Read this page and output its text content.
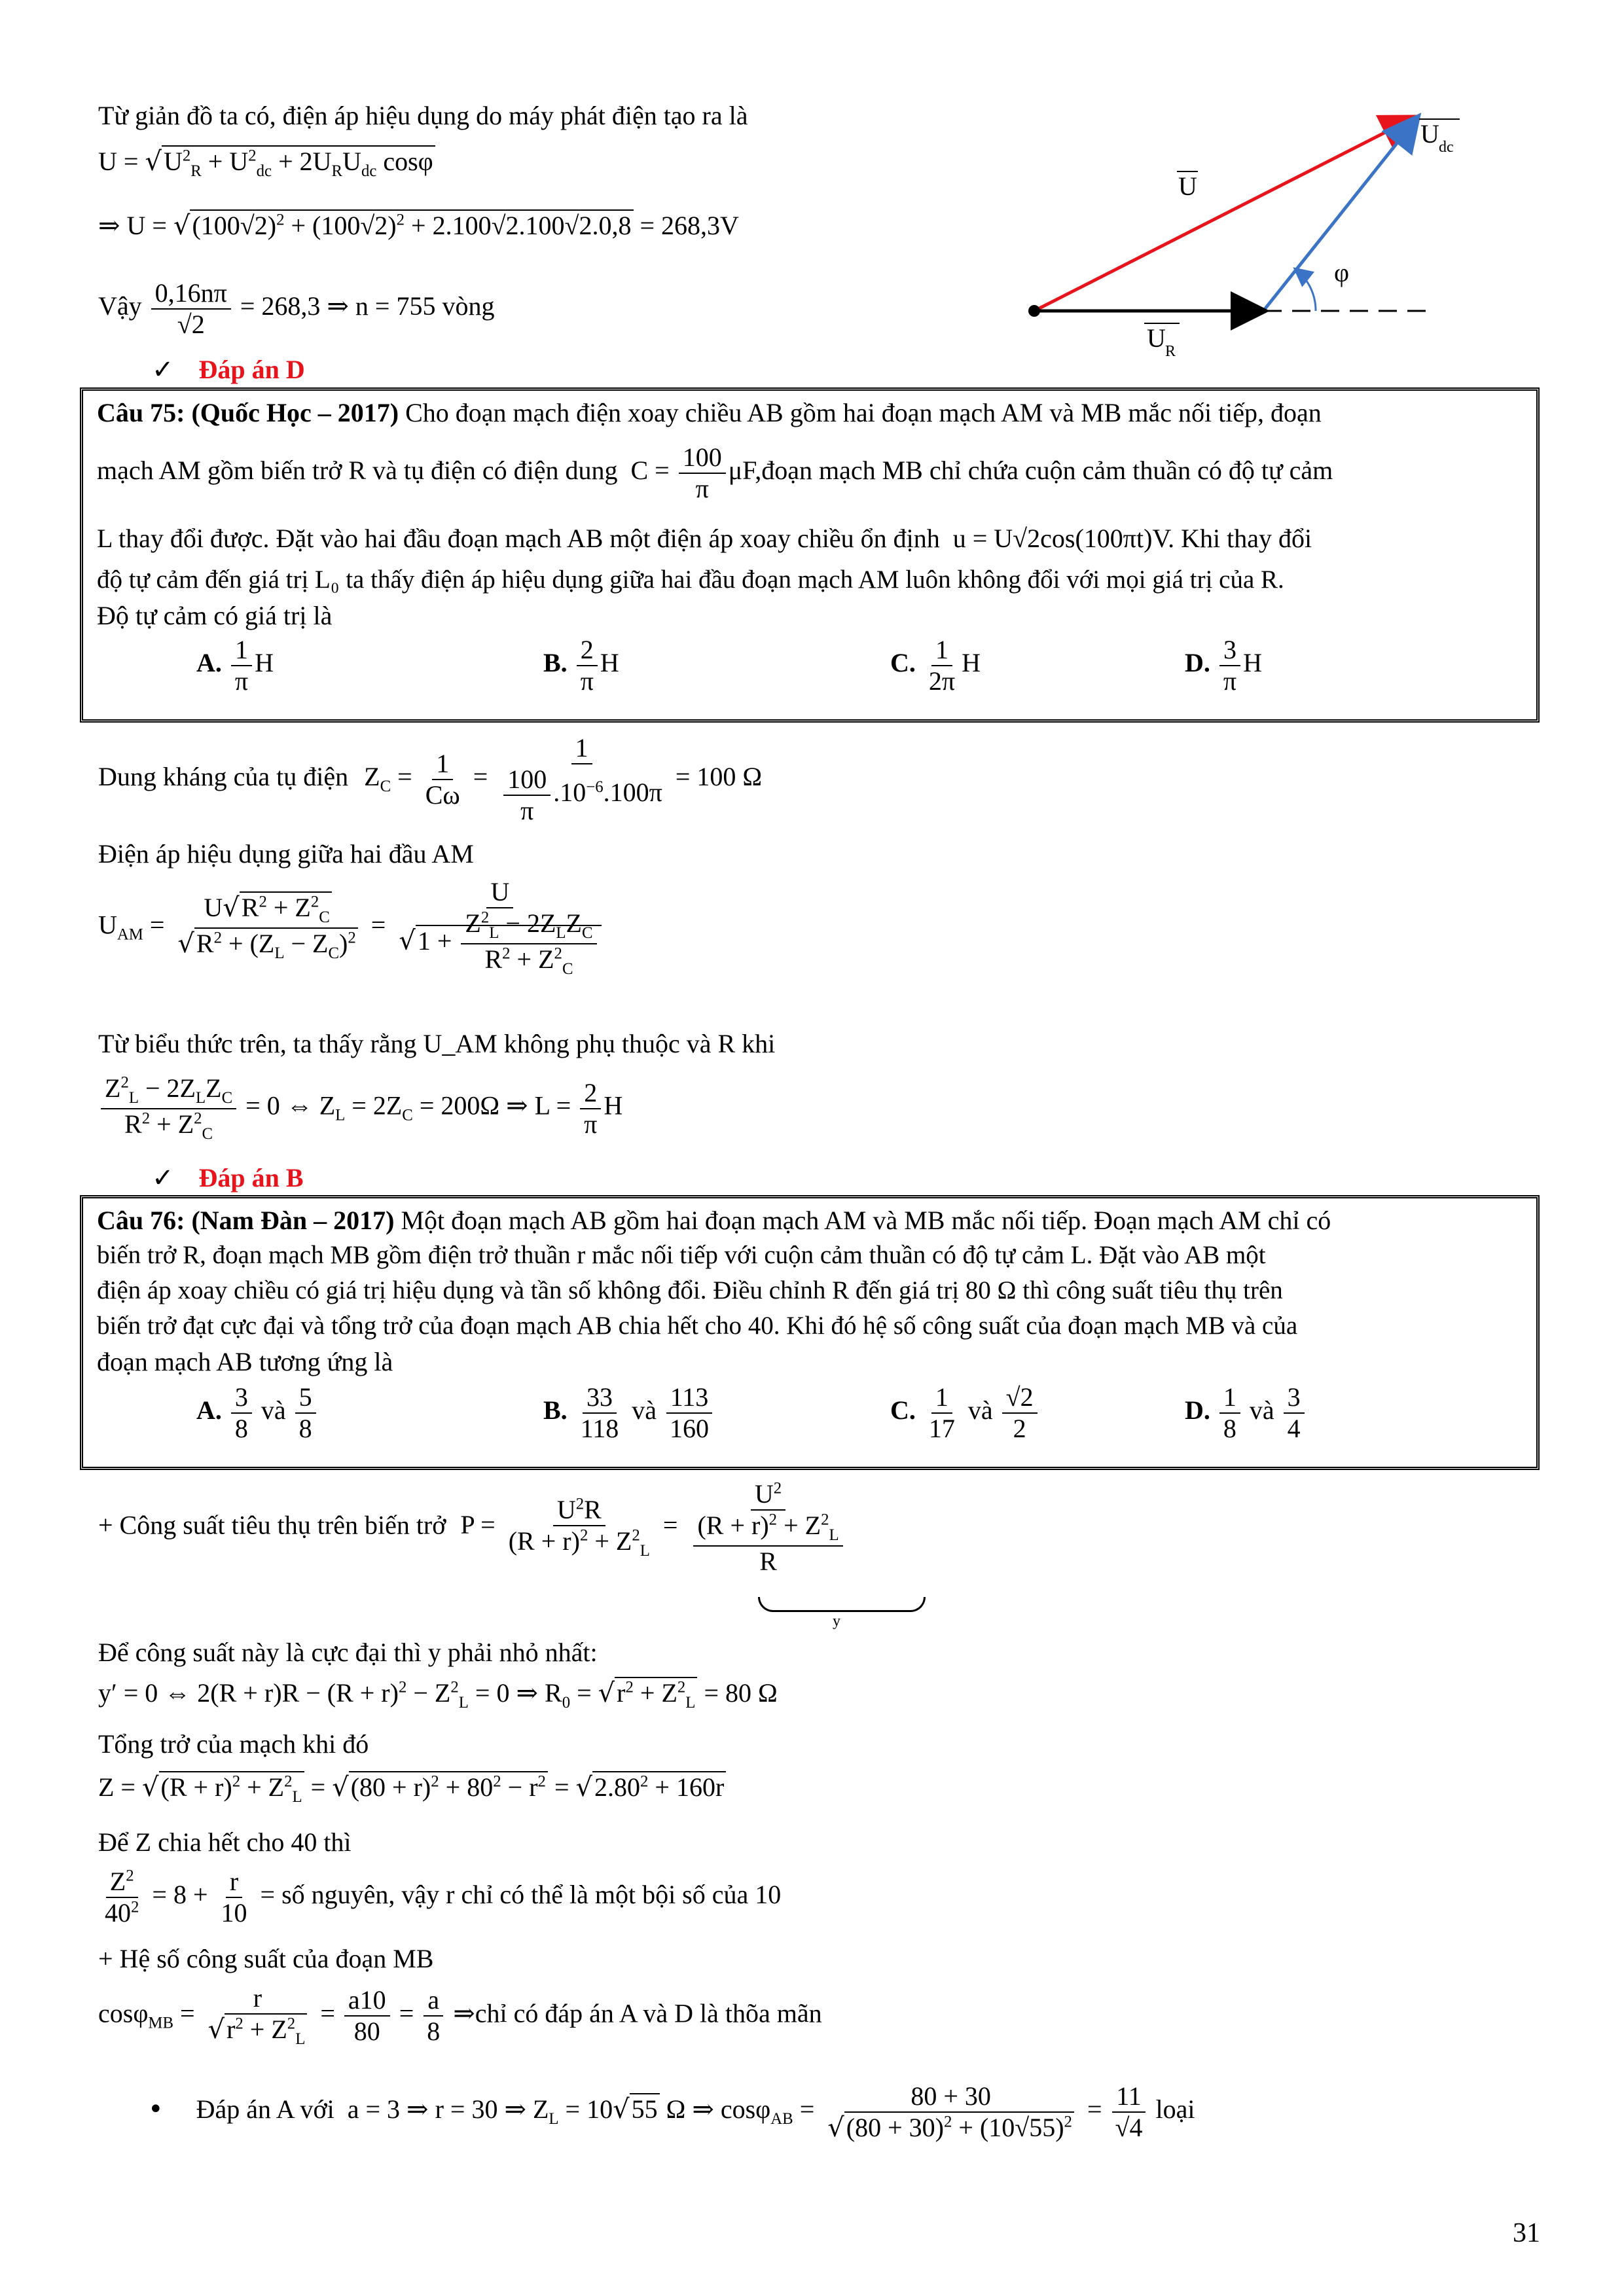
Từ giản đồ ta có, điện áp hiệu dụng do máy phát điện tạo ra là
$U = √U^2_R + U^2_{dc} + 2U_RU_{dc}$ cosφ
⇒ $U = √(100√2)^2 + (100√2)^2 + 2.100√2.100√2.0,8 = 268,3V$
Vậy $\frac{0,16n\pi}{√2} = 268,3$ ⇒ n = 755 vòng
✓ Đáp án D
U
U dc
φ
U R
Câu 75: (Quốc Học – 2017) Cho đoạn mạch điện xoay chiều AB gồm hai đoạn mạch AM và MB mắc nối tiếp, đoạn
mạch AM gồm biến trở R và tụ điện có điện dung $C = \frac{100}{\pi}$ μF,đoạn mạch MB chỉ chứa cuộn cảm thuần có độ tự cảm
L thay đổi được. Đặt vào hai đầu đoạn mạch AB một điện áp xoay chiều ổn định u = U√2cos(100πt)V. Khi thay đổi
độ tự cảm đến giá trị L₀ ta thấy điện áp hiệu dụng giữa hai đầu đoạn mạch AM luôn không đổi với mọi giá trị của R.
Độ tự cảm có giá trị là
A. $\frac{1}{\pi}$ H	B. $\frac{2}{\pi}$ H	C. $\frac{1}{2\pi}$ H	D. $\frac{3}{\pi}$ H
Dung kháng của tụ điện $Z_C = \frac{1}{C\omega} = \frac{1}{\frac{100}{\pi} .10^{-6}.100\pi} = 100$ Ω
Điện áp hiệu dụng giữa hai đầu AM
$U_{AM} = \frac{U√R^2 + Z^2_C}{√R^2 + (Z_L - Z_C)^2} = \frac{U}{√1 + \frac{Z^2_L - 2Z_LZ_C}{R^2 + Z^2_C}}$
Từ biểu thức trên, ta thấy rằng U_AM không phụ thuộc và R khi
$\frac{Z^2_L - 2Z_LZ_C}{R^2 + Z^2_C} = 0$ ⇔ $Z_L = 2Z_C = 200\Omega$ ⇒ $L = \frac{2}{\pi}$ H
✓ Đáp án B
Câu 76: (Nam Đàn – 2017) Một đoạn mạch AB gồm hai đoạn mạch AM và MB mắc nối tiếp. Đoạn mạch AM chỉ có
biến trở R, đoạn mạch MB gồm điện trở thuần r mắc nối tiếp với cuộn cảm thuần có độ tự cảm L. Đặt vào AB một
điện áp xoay chiều có giá trị hiệu dụng và tần số không đổi. Điều chỉnh R đến giá trị 80 Ω thì công suất tiêu thụ trên
biến trở đạt cực đại và tổng trở của đoạn mạch AB chia hết cho 40. Khi đó hệ số công suất của đoạn mạch MB và của
đoạn mạch AB tương ứng là
A. $\frac{3}{8}$ và $\frac{5}{8}$	B. $\frac{33}{118}$ và $\frac{113}{160}$	C. $\frac{1}{17}$ và $\frac{√2}{2}$	D. $\frac{1}{8}$ và $\frac{3}{4}$
+ Công suất tiêu thụ trên biến trở $P = \frac{U^2R}{(R + r)^2 + Z^2_L} = \frac{U^2}{\frac{(R + r)^2 + Z^2_L}{R}}$
y
Để công suất này là cực đại thì y phải nhỏ nhất:
y′ = 0 ⇔ $2(R + r)R - (R + r)^2 - Z^2_L = 0$ ⇒ $R_0 = √r^2 + Z^2_L = 80$ Ω
Tổng trở của mạch khi đó
$Z = √(R + r)^2 + Z^2_L = √(80 + r)^2 + 80^2 - r^2 = √2.80^2 + 160r$
Để Z chia hết cho 40 thì
$\frac{Z^2}{40^2} = 8 + \frac{r}{10}$ = số nguyên, vậy r chỉ có thể là một bội số của 10
+ Hệ số công suất của đoạn MB
$\cos\varphi_{MB} = \frac{r}{√r^2 + Z^2_L} = \frac{a10}{80} = \frac{a}{8}$ ⇒chỉ có đáp án A và D là thõa mãn
• Đáp án A với a = 3 ⇒ r = 30 ⇒ $Z_L = 10√55$ Ω ⇒ $\cos\varphi_{AB} = \frac{80 + 30}{√(80 + 30)^2 + (10√55)^2} = \frac{11}{√4}$ loại
31
